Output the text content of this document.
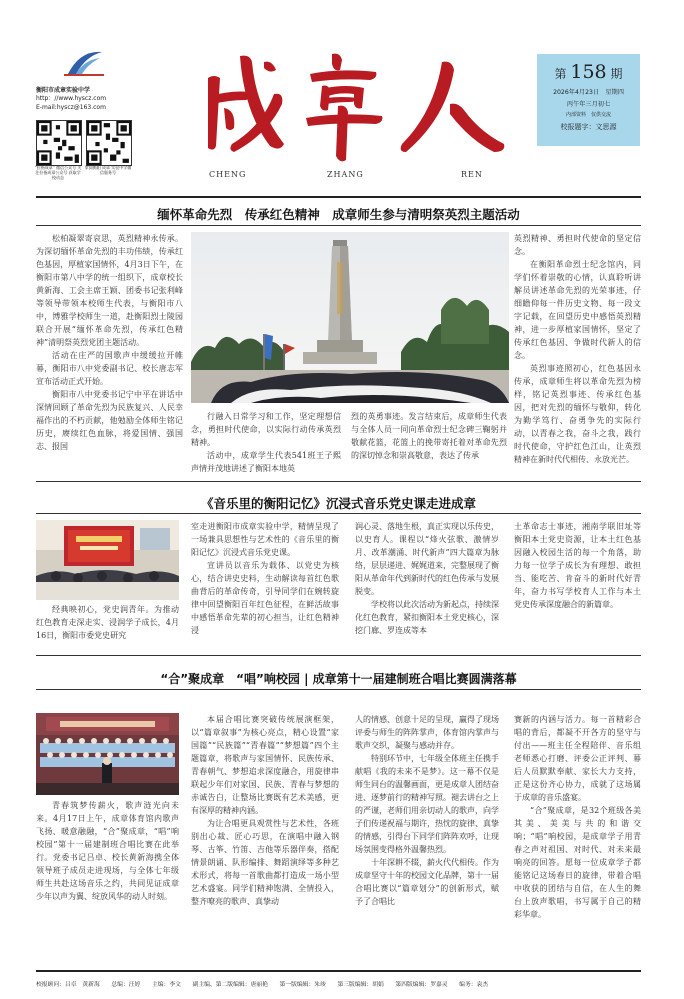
衡阳市成章实验中学
http：//www.hyscz.com
E-mail:hyscz@163.com
“拉指成章” 微信公众号 关注拉指成章公众号 获取学校动态
掌阅衡阳 成章 实验中学微信服务号	CHENG	ZHANG	REN
第 158 期
2026年4月23日　星期四
丙午年三月初七
内部资料　仅供交流
校报题字：文思源
缅怀革命先烈　传承红色精神　成章师生参与清明祭英烈主题活动

松柏凝翠寄哀思，英烈精神永传承。为深切缅怀革命先烈的丰功伟绩，传承红色基因，厚植家国情怀，4月3日下午，在衡阳市第八中学的统一组织下，成章校长黄新海、工会主席王颖、团委书记张利峰等领导带领本校师生代表，与衡阳市八中，博雅学校师生一道，赴衡阳烈士陵园联合开展“缅怀革命先烈，传承红色精神”清明祭英烈党团主题活动。

活动在庄严的国歌声中缓缓拉开帷幕，衡阳市八中党委副书记、校长唐志军宣布活动正式开始。

衡阳市八中党委书记宁中平在讲话中深情回顾了革命先烈为民族复兴、人民幸福作出的不朽贡献，他勉励全体师生铭记历史，赓续红色血脉，将爱国情、强国志、报国

行融入日常学习和工作，坚定理想信念，勇担时代使命，以实际行动传承英烈精神。

活动中，成章学生代表541班王子熙声情并茂地讲述了衡阳本地英

烈的英勇事迹。发言结束后，成章师生代表与全体人员一同向革命烈士纪念碑三鞠躬并敬献花篮，花篮上的挽带寄托着对革命先烈的深切悼念和崇高敬意，表达了传承

英烈精神、勇担时代使命的坚定信念。

在衡阳革命烈士纪念馆内，同学们怀着崇敬的心情，认真聆听讲解员讲述革命先烈的光荣事迹，仔细瞻仰每一件历史文物、每一段文字记载，在回望历史中感悟英烈精神，进一步厚植家国情怀，坚定了传承红色基因、争做时代新人的信念。

英烈事迹照初心，红色基因永传承，成章师生将以革命先烈为榜样，铭记英烈事迹、传承红色基因，把对先烈的缅怀与敬仰，转化为勤学笃行、奋勇争先的实际行动，以青春之我，奋斗之我，践行时代使命，守护红色江山，让英烈精神在新时代代相传、永放光芒。

《音乐里的衡阳记忆》沉浸式音乐党史课走进成章

经典映初心，党史润青年。为推动红色教育走深走实、浸润学子成长，4月16日，衡阳市委党史研究

室走进衡阳市成章实验中学，精情呈现了一场兼具思想性与艺术性的《音乐里的衡阳记忆》沉浸式音乐党史课。

宣讲员以音乐为载体、以党史为核心，结合讲史史料，生动解读每首红色歌曲背后的革命传奇，引导同学们在婉转旋律中回望衡阳百年红色征程，在鲜活故事中感悟革命先辈的初心担当，让红色精神浸

润心灵、落地生根，真正实现以乐传史，以史育人。课程以“烽火弦歌、激情岁月、改革潮涌、时代新声”四大篇章为脉络，层层递进、娓娓道来，完整展现了衡阳从革命年代到新时代的红色传承与发展脱变。

学校将以此次活动为新起点，持续深化红色教育，紧扣衡阳本土党史核心，深挖门廊、罗连成等本

土革命志士事迹，湘南学联旧址等衡阳本土党史资源，让本土红色基因融入校园生活的每一个角落，助力每一位学子成长为有理想、敢担当、能吃苦、肯奋斗的新时代好青年，奋力书写学校育人工作与本土党史传承深度融合的新篇章。

“合”聚成章　“唱”响校园 | 成章第十一届建制班合唱比赛圆满落幕

青春筑梦传薪火，歌声涟光向未来。4月17日上午，成章体育馆内歌声飞扬、暖意融融，“合”聚成章，“唱”响校园”第十一届建制班合唱比赛在此举行。党委书记吕卓、校长黄新海携全体领导班子成员走进现场，与全体七年级师生共赴这场音乐之约，共同见证成章少年以声为翼、绽放风华的动人时刻。

本届合唱比赛突破传统展演框架，以“篇章叙事”为核心亮点，精心设置“家国篇”“民族篇”“青春篇”“梦想篇”四个主题篇章，将歌声与家国情怀、民族传承、青春朝气、梦想追求深度融合，用旋律串联起少年们对家国、民族、青春与梦想的赤诚告白，让整场比赛既有艺术美感，更有深厚的精神内涵。

为让合唱更具观赏性与艺术性，各班别出心裁、匠心巧思，在演唱中融入钢琴、古筝、竹笛、吉他等乐器伴奏，搭配情景朗诵、队形编排、舞蹈演绎等多种艺术形式，将每一首歌曲都打造成一场小型艺术盛宴。同学们精神饱满、全情投入，整齐嘹亮的歌声、真挚动

人的情感、创意十足的呈现，赢得了现场评委与师生的阵阵掌声，体育馆内掌声与歌声交织，凝聚与感动并存。

特别环节中，七年级全体班主任携手献唱《我的未来不是梦》。这一幕不仅是师生同台的温馨画面，更是成章人团结奋进、逐梦前行的精神写照。褪去讲台之上的严谨，老师们用亲切动人的歌声，向学子们传递祝福与期许，热忱的旋律、真挚的情感，引得台下同学们阵阵欢呼，让现场氛围变得格外温馨热烈。

十年深耕不辍，薪火代代相传。作为成章坚守十年的校园文化品牌，第十一届合唱比赛以“篇章划分”的创新形式，赋予了合唱比

赛新的内涵与活力。每一首精彩合唱的背后，都凝不开各方的坚守与付出——班主任全程陪伴、音乐组老师悉心打磨、评委公正评判、幕后人员默默奉献、家长大力支持，正是这份齐心协力，成就了这场属于成章的音乐盛宴。

“合”聚成章，是32个班级各美其美、美美与共的和谐交响；“唱”响校园，是成章学子用青春之声对祖国、对时代、对未来最响亮的回答。愿每一位成章学子都能铭记这场春日的旋律，带着合唱中收获的团结与自信，在人生的舞台上放声歌唱，书写属于自己的精彩华章。

校报顾问：吕卓　黄新海　　总编：汪婷　　主编：李文　　副主编、第二版编辑：唐丽艳　　第一版编辑：朱竣　　第三版编辑：胡娟　　第四版编辑：罗嘉灵　　编务：袁杰
